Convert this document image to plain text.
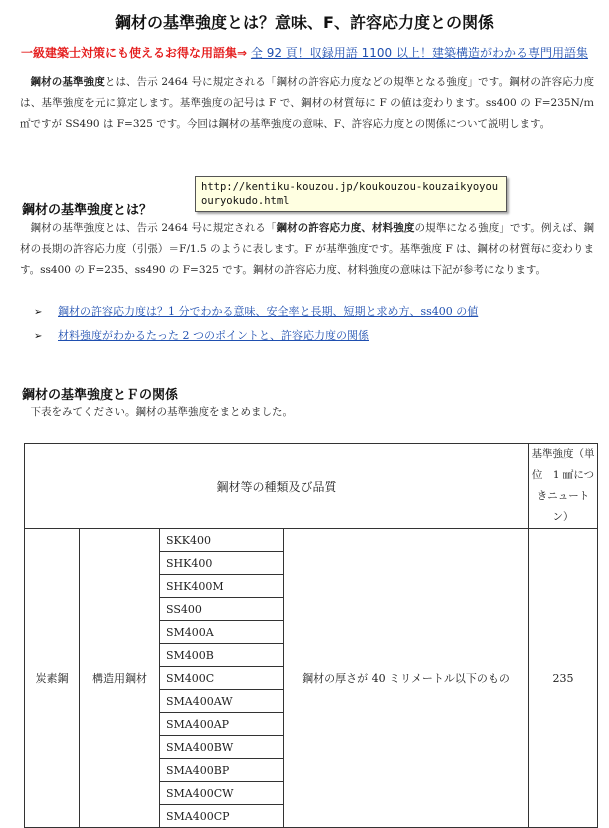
鋼材の基準強度とは？意味、F、許容応力度との関係
一級建築士対策にも使えるお得な用語集⇒ 全 92 頁！収録用語 1100 以上！建築構造がわかる専門用語集

鋼材の基準強度とは、告示 2464 号に規定される「鋼材の許容応力度などの規準となる強度」です。鋼材の許容応力度は、基準強度を元に算定します。基準強度の記号は F で、鋼材の材質毎に F の値は変わります。ss400 の F=235N/ｍ ㎡ですが SS490 は F=325 です。今回は鋼材の基準強度の意味、F、許容応力度との関係について説明します。

鋼材の基準強度とは？

鋼材の基準強度とは、告示 2464 号に規定される「鋼材の許容応力度、材料強度の規準になる強度」です。例えば、鋼材の長期の許容応力度（引張）＝F/1.5 のように表します。F が基準強度です。基準強度 F は、鋼材の材質毎に変わります。ss400 の F=235、ss490 の F=325 です。鋼材の許容応力度、材料強度の意味は下記が参考になります。

➢ 鋼材の許容応力度は？1 分でわかる意味、安全率と長期、短期と求め方、ss400 の値
➢ 材料強度がわかるたった 2 つのポイントと、許容応力度の関係
http://kentiku-kouzou.jp/koukouzou-kouzaikyoyououryokudo.html
鋼材の基準強度とＦの関係

下表をみてください。鋼材の基準強度をまとめました。

鋼材等の種類及び品質				基準強度（単位　1 ㎟につきニュートン）
炭素鋼	構造用鋼材	SKK400	鋼材の厚さが 40 ミリメートル以下のもの	235
		SHK400		
		SHK400M		
		SS400		
		SM400A		
		SM400B		
		SM400C		
		SMA400AW		
		SMA400AP		
		SMA400BW		
		SMA400BP		
		SMA400CW		
		SMA400CP		
